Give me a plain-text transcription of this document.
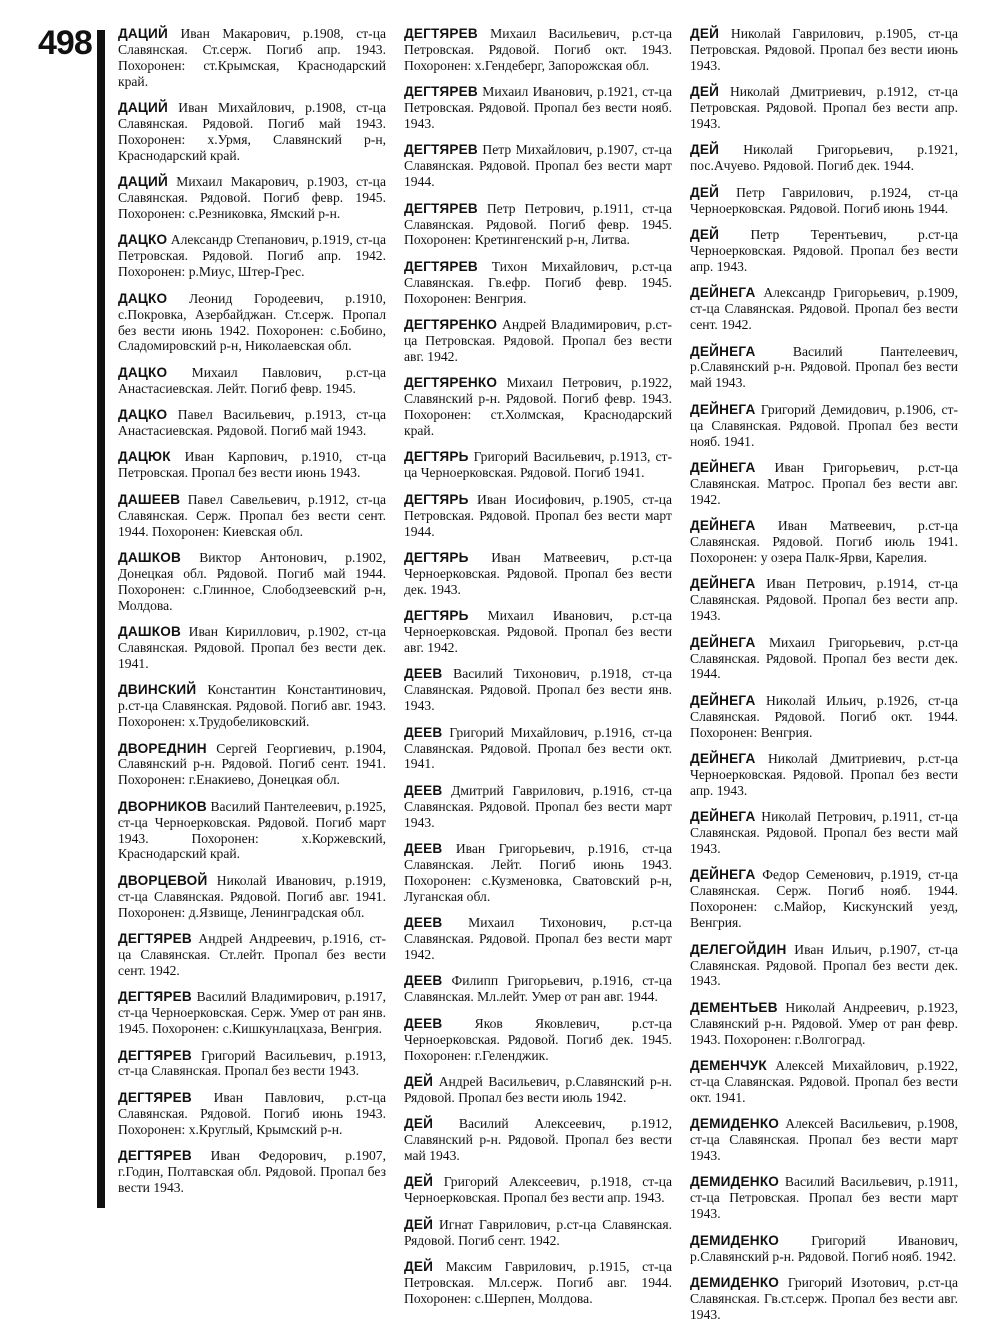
498 ДАЦИЙ Иван Макарович, р.1908, ст-ца Славянская. Ст.серж. Погиб апр. 1943. Похоронен: ст.Крымская, Краснодарский край.

ДАЦИЙ Иван Михайлович, р.1908, ст-ца Славянская. Рядовой. Погиб май 1943. Похоронен: х.Урмя, Славянский р-н, Краснодарский край.

ДАЦИЙ Михаил Макарович, р.1903, ст-ца Славянская. Рядовой. Погиб февр. 1945. Похоронен: с.Резниковка, Ямский р-н.

ДАЦКО Александр Степанович, р.1919, ст-ца Петровская. Рядовой. Погиб апр. 1942. Похоронен: р.Миус, Штер-Грес.

ДАЦКО Леонид Городеевич, р.1910, с.Покровка, Азербайджан. Ст.серж. Пропал без вести июнь 1942. Похоронен: с.Бобино, Сладомировский р-н, Николаевская обл.

ДАЦКО Михаил Павлович, р.ст-ца Анастасиевская. Лейт. Погиб февр. 1945.

ДАЦКО Павел Васильевич, р.1913, ст-ца Анастасиевская. Рядовой. Погиб май 1943.

ДАЦЮК Иван Карпович, р.1910, ст-ца Петровская. Пропал без вести июнь 1943.

ДАШЕЕВ Павел Савельевич, р.1912, ст-ца Славянская. Серж. Пропал без вести сент. 1944. Похоронен: Киевская обл.

ДАШКОВ Виктор Антонович, р.1902, Донецкая обл. Рядовой. Погиб май 1944. Похоронен: с.Глинное, Слободзеевский р-н, Молдова.

ДАШКОВ Иван Кириллович, р.1902, ст-ца Славянская. Рядовой. Пропал без вести дек. 1941.

ДВИНСКИЙ Константин Константинович, р.ст-ца Славянская. Рядовой. Погиб авг. 1943. Похоронен: х.Трудобеликовский.

ДВОРЕДНИН Сергей Георгиевич, р.1904, Славянский р-н. Рядовой. Погиб сент. 1941. Похоронен: г.Енакиево, Донецкая обл.

ДВОРНИКОВ Василий Пантелеевич, р.1925, ст-ца Черноерковская. Рядовой. Погиб март 1943. Похоронен: х.Коржевский, Краснодарский край.

ДВОРЦЕВОЙ Николай Иванович, р.1919, ст-ца Славянская. Рядовой. Погиб авг. 1941. Похоронен: д.Язвище, Ленинградская обл.

ДЕГТЯРЕВ Андрей Андреевич, р.1916, ст-ца Славянская. Ст.лейт. Пропал без вести сент. 1942.

ДЕГТЯРЕВ Василий Владимирович, р.1917, ст-ца Черноерковская. Серж. Умер от ран янв. 1945. Похоронен: с.Кишкунлацхаза, Венгрия.

ДЕГТЯРЕВ Григорий Васильевич, р.1913, ст-ца Славянская. Пропал без вести 1943.

ДЕГТЯРЕВ Иван Павлович, р.ст-ца Славянская. Рядовой. Погиб июнь 1943. Похоронен: х.Круглый, Крымский р-н.

ДЕГТЯРЕВ Иван Федорович, р.1907, г.Годин, Полтавская обл. Рядовой. Пропал без вести 1943.

ДЕГТЯРЕВ Михаил Васильевич, р.ст-ца Петровская. Рядовой. Погиб окт. 1943. Похоронен: х.Гендеберг, Запорожская обл.

ДЕГТЯРЕВ Михаил Иванович, р.1921, ст-ца Петровская. Рядовой. Пропал без вести нояб. 1943.

ДЕГТЯРЕВ Петр Михайлович, р.1907, ст-ца Славянская. Рядовой. Пропал без вести март 1944.

ДЕГТЯРЕВ Петр Петрович, р.1911, ст-ца Славянская. Рядовой. Погиб февр. 1945. Похоронен: Кретингенский р-н, Литва.

ДЕГТЯРЕВ Тихон Михайлович, р.ст-ца Славянская. Гв.ефр. Погиб февр. 1945. Похоронен: Венгрия.

ДЕГТЯРЕНКО Андрей Владимирович, р.ст-ца Петровская. Рядовой. Пропал без вести авг. 1942.

ДЕГТЯРЕНКО Михаил Петрович, р.1922, Славянский р-н. Рядовой. Погиб февр. 1943. Похоронен: ст.Холмская, Краснодарский край.

ДЕГТЯРЬ Григорий Васильевич, р.1913, ст-ца Черноерковская. Рядовой. Погиб 1941.

ДЕГТЯРЬ Иван Иосифович, р.1905, ст-ца Петровская. Рядовой. Пропал без вести март 1944.

ДЕГТЯРЬ Иван Матвеевич, р.ст-ца Черноерковская. Рядовой. Пропал без вести дек. 1943.

ДЕГТЯРЬ Михаил Иванович, р.ст-ца Черноерковская. Рядовой. Пропал без вести авг. 1942.

ДЕЕВ Василий Тихонович, р.1918, ст-ца Славянская. Рядовой. Пропал без вести янв. 1943.

ДЕЕВ Григорий Михайлович, р.1916, ст-ца Славянская. Рядовой. Пропал без вести окт. 1941.

ДЕЕВ Дмитрий Гаврилович, р.1916, ст-ца Славянская. Рядовой. Пропал без вести март 1943.

ДЕЕВ Иван Григорьевич, р.1916, ст-ца Славянская. Лейт. Погиб июнь 1943. Похоронен: с.Кузменовка, Сватовский р-н, Луганская обл.

ДЕЕВ Михаил Тихонович, р.ст-ца Славянская. Рядовой. Пропал без вести март 1942.

ДЕЕВ Филипп Григорьевич, р.1916, ст-ца Славянская. Мл.лейт. Умер от ран авг. 1944.

ДЕЕВ Яков Яковлевич, р.ст-ца Черноерковская. Рядовой. Погиб дек. 1945. Похоронен: г.Геленджик.

ДЕЙ Андрей Васильевич, р.Славянский р-н. Рядовой. Пропал без вести июль 1942.

ДЕЙ Василий Алексеевич, р.1912, Славянский р-н. Рядовой. Пропал без вести май 1943.

ДЕЙ Григорий Алексеевич, р.1918, ст-ца Черноерковская. Пропал без вести апр. 1943.

ДЕЙ Игнат Гаврилович, р.ст-ца Славянская. Рядовой. Погиб сент. 1942.

ДЕЙ Максим Гаврилович, р.1915, ст-ца Петровская. Мл.серж. Погиб авг. 1944. Похоронен: с.Шерпен, Молдова.

ДЕЙ Николай Гаврилович, р.1905, ст-ца Петровская. Рядовой. Пропал без вести июнь 1943.

ДЕЙ Николай Дмитриевич, р.1912, ст-ца Петровская. Рядовой. Пропал без вести апр. 1943.

ДЕЙ Николай Григорьевич, р.1921, пос.Ачуево. Рядовой. Погиб дек. 1944.

ДЕЙ Петр Гаврилович, р.1924, ст-ца Черноерковская. Рядовой. Погиб июнь 1944.

ДЕЙ Петр Терентьевич, р.ст-ца Черноерковская. Рядовой. Пропал без вести апр. 1943.

ДЕЙНЕГА Александр Григорьевич, р.1909, ст-ца Славянская. Рядовой. Пропал без вести сент. 1942.

ДЕЙНЕГА Василий Пантелеевич, р.Славянский р-н. Рядовой. Пропал без вести май 1943.

ДЕЙНЕГА Григорий Демидович, р.1906, ст-ца Славянская. Рядовой. Пропал без вести нояб. 1941.

ДЕЙНЕГА Иван Григорьевич, р.ст-ца Славянская. Матрос. Пропал без вести авг. 1942.

ДЕЙНЕГА Иван Матвеевич, р.ст-ца Славянская. Рядовой. Погиб июль 1941. Похоронен: у озера Палк-Ярви, Карелия.

ДЕЙНЕГА Иван Петрович, р.1914, ст-ца Славянская. Рядовой. Пропал без вести апр. 1943.

ДЕЙНЕГА Михаил Григорьевич, р.ст-ца Славянская. Рядовой. Пропал без вести дек. 1944.

ДЕЙНЕГА Николай Ильич, р.1926, ст-ца Славянская. Рядовой. Погиб окт. 1944. Похоронен: Венгрия.

ДЕЙНЕГА Николай Дмитриевич, р.ст-ца Черноерковская. Рядовой. Пропал без вести апр. 1943.

ДЕЙНЕГА Николай Петрович, р.1911, ст-ца Славянская. Рядовой. Пропал без вести май 1943.

ДЕЙНЕГА Федор Семенович, р.1919, ст-ца Славянская. Серж. Погиб нояб. 1944. Похоронен: с.Майор, Кискунский уезд, Венгрия.

ДЕЛЕГОЙДИН Иван Ильич, р.1907, ст-ца Славянская. Рядовой. Пропал без вести дек. 1943.

ДЕМЕНТЬЕВ Николай Андреевич, р.1923, Славянский р-н. Рядовой. Умер от ран февр. 1943. Похоронен: г.Волгоград.

ДЕМЕНЧУК Алексей Михайлович, р.1922, ст-ца Славянская. Рядовой. Пропал без вести окт. 1941.

ДЕМИДЕНКО Алексей Васильевич, р.1908, ст-ца Славянская. Пропал без вести март 1943.

ДЕМИДЕНКО Василий Васильевич, р.1911, ст-ца Петровская. Пропал без вести март 1943.

ДЕМИДЕНКО Григорий Иванович, р.Славянский р-н. Рядовой. Погиб нояб. 1942.

ДЕМИДЕНКО Григорий Изотович, р.ст-ца Славянская. Гв.ст.серж. Пропал без вести авг. 1943.
